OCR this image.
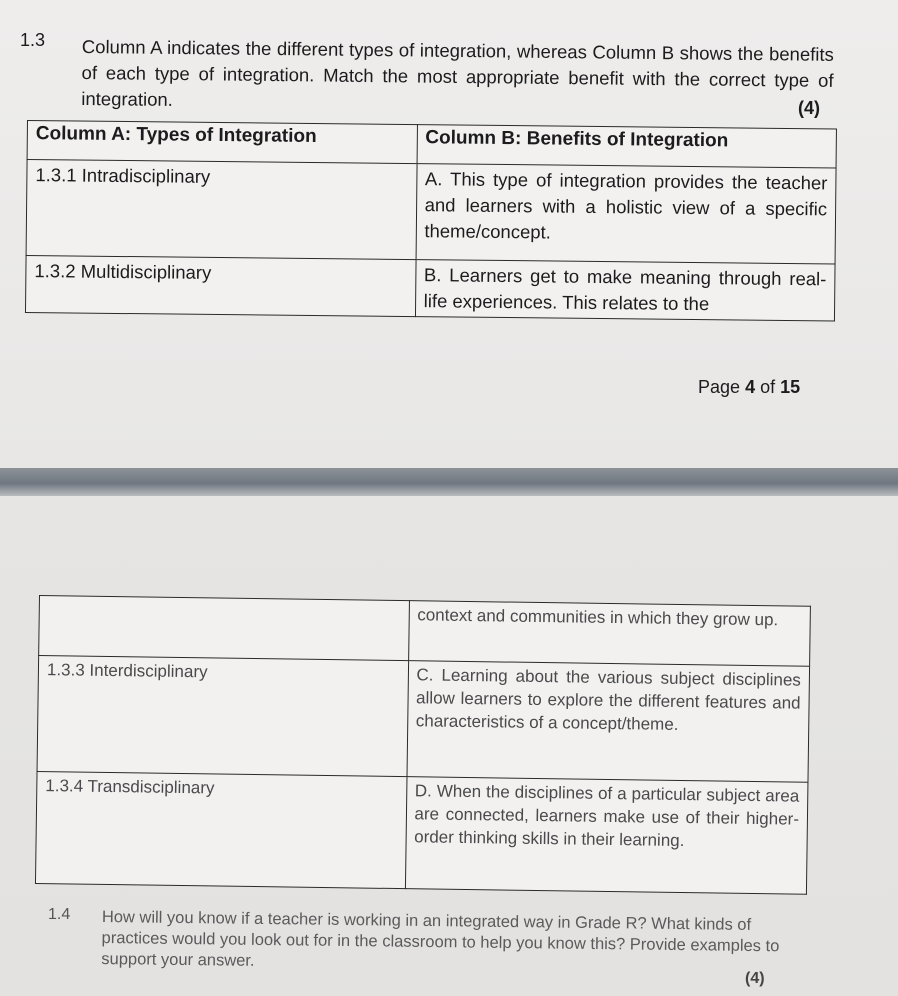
1.3 Column A indicates the different types of integration, whereas Column B shows the benefits of each type of integration. Match the most appropriate benefit with the correct type of integration.	(4)
Column A: Types of Integration	Column B: Benefits of Integration
1.3.1 Intradisciplinary	A. This type of integration provides the teacher and learners with a holistic view of a specific theme/concept.
1.3.2 Multidisciplinary	B. Learners get to make meaning through real-life experiences. This relates to the
Page 4 of 15
	context and communities in which they grow up.
1.3.3 Interdisciplinary	C. Learning about the various subject disciplines allow learners to explore the different features and characteristics of a concept/theme.
1.3.4 Transdisciplinary	D. When the disciplines of a particular subject area are connected, learners make use of their higher-order thinking skills in their learning.
1.4 How will you know if a teacher is working in an integrated way in Grade R? What kinds of practices would you look out for in the classroom to help you know this? Provide examples to support your answer.
(4)
